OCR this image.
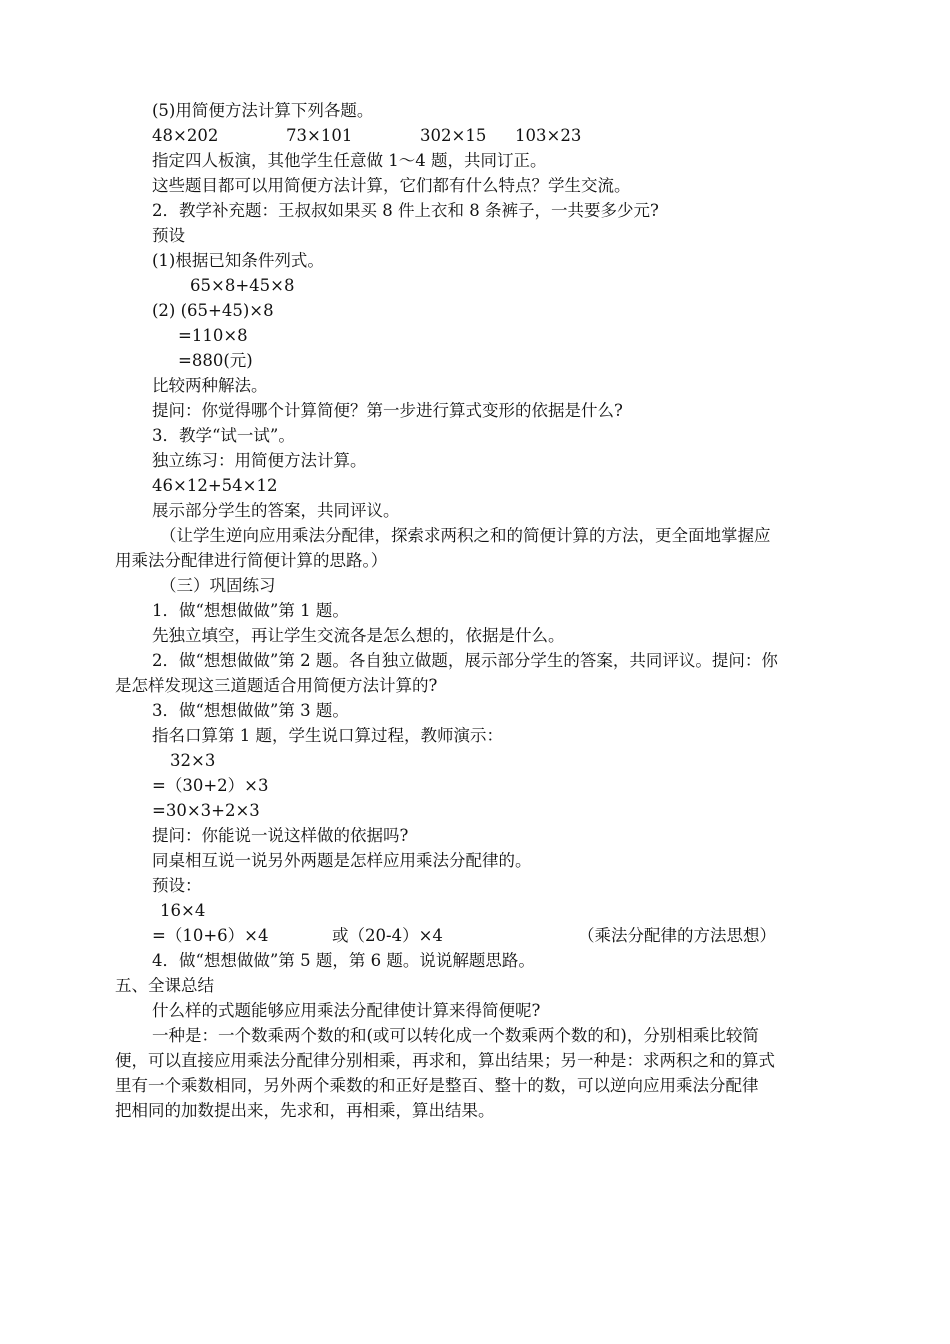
(5)用简便方法计算下列各题。
48×202	73×101	302×15 103×23
指定四人板演，其他学生任意做 1～4 题，共同订正。
这些题目都可以用简便方法计算，它们都有什么特点？学生交流。
2．教学补充题：王叔叔如果买 8 件上衣和 8 条裤子，一共要多少元?
预设
(1)根据已知条件列式。
65×8+45×8
(2) (65+45)×8
=110×8
=880(元)
比较两种解法。
提问：你觉得哪个计算简便？第一步进行算式变形的依据是什么?
3．教学“试一试”。
独立练习：用简便方法计算。
46×12+54×12
展示部分学生的答案，共同评议。
（让学生逆向应用乘法分配律，探索求两积之和的简便计算的方法，更全面地掌握应
用乘法分配律进行简便计算的思路。）
（三）巩固练习
1．做“想想做做”第 1 题。
先独立填空，再让学生交流各是怎么想的，依据是什么。
2．做“想想做做”第 2 题。各自独立做题，展示部分学生的答案，共同评议。提问：你
是怎样发现这三道题适合用简便方法计算的?
3．做“想想做做”第 3 题。
指名口算第 1 题，学生说口算过程，教师演示：
32×3
=（30+2）×3
=30×3+2×3
提问：你能说一说这样做的依据吗?
同桌相互说一说另外两题是怎样应用乘法分配律的。
预设：
16×4
=（10+6）×4	或（20-4）×4	（乘法分配律的方法思想）
4．做“想想做做”第 5 题，第 6 题。说说解题思路。
五、全课总结
什么样的式题能够应用乘法分配律使计算来得简便呢?
一种是：一个数乘两个数的和(或可以转化成一个数乘两个数的和)，分别相乘比较简
便，可以直接应用乘法分配律分别相乘，再求和，算出结果；另一种是：求两积之和的算式
里有一个乘数相同，另外两个乘数的和正好是整百、整十的数，可以逆向应用乘法分配律
把相同的加数提出来，先求和，再相乘，算出结果。
